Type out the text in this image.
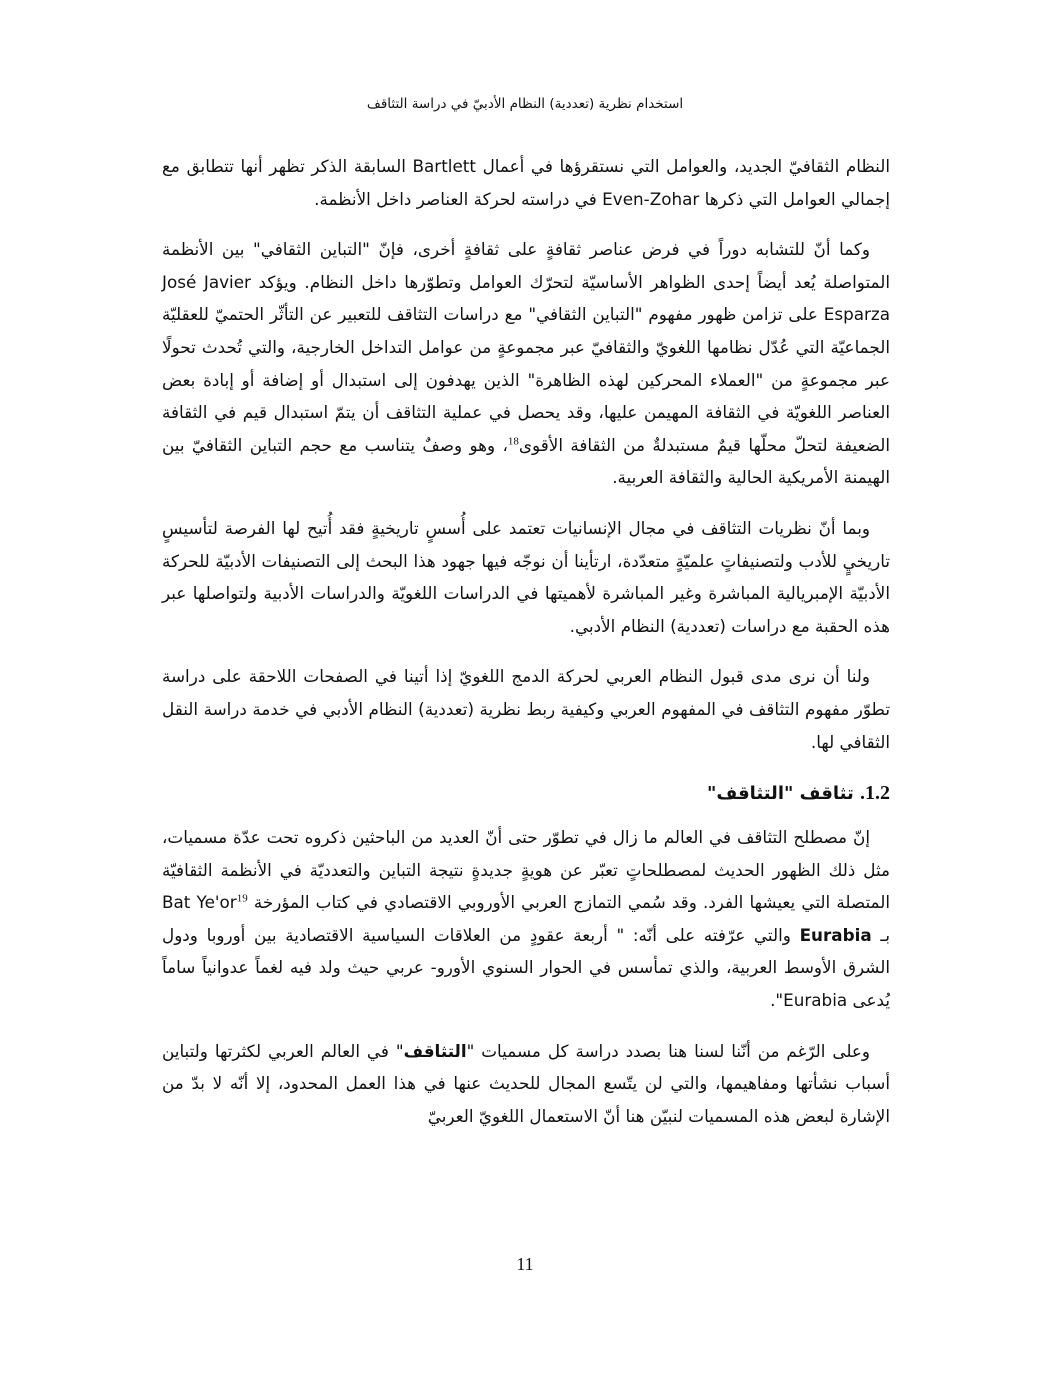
استخدام نظرية (تعددية) النظام الأدبيّ في دراسة التثاقف

النظام الثقافيّ الجديد، والعوامل التي نستقرؤها في أعمال Bartlett السابقة الذكر تظهر أنها تتطابق مع إجمالي العوامل التي ذكرها Even-Zohar في دراسته لحركة العناصر داخل الأنظمة.

وكما أنّ للتشابه دوراً في فرض عناصر ثقافةٍ على ثقافةٍ أخرى، فإنّ "التباين الثقافي" بين الأنظمة المتواصلة يُعد أيضاً إحدى الظواهر الأساسيّة لتحرّك العوامل وتطوّرها داخل النظام. ويؤكد José Javier Esparza على تزامن ظهور مفهوم "التباين الثقافي" مع دراسات التثاقف للتعبير عن التأثّر الحتميّ للعقليّة الجماعيّة التي عُدّل نظامها اللغويّ والثقافيّ عبر مجموعةٍ من عوامل التداخل الخارجية، والتي تُحدث تحولًا عبر مجموعةٍ من "العملاء المحركين لهذه الظاهرة" الذين يهدفون إلى استبدال أو إضافة أو إبادة بعض العناصر اللغويّة في الثقافة المهيمن عليها، وقد يحصل في عملية التثاقف أن يتمّ استبدال قيم في الثقافة الضعيفة لتحلّ محلّها قيمٌ مستبدلةٌ من الثقافة الأقوى$^{18}$، وهو وصفٌ يتناسب مع حجم التباين الثقافيّ بين الهيمنة الأمريكية الحالية والثقافة العربية.

وبما أنّ نظريات التثاقف في مجال الإنسانيات تعتمد على أُسسٍ تاريخيةٍ فقد أُتيح لها الفرصة لتأسيسٍ تاريخيٍ للأدب ولتصنيفاتٍ علميّةٍ متعدّدة، ارتأينا أن نوجّه فيها جهود هذا البحث إلى التصنيفات الأدبيّة للحركة الأدبيّة الإمبريالية المباشرة وغير المباشرة لأهميتها في الدراسات اللغويّة والدراسات الأدبية ولتواصلها عبر هذه الحقبة مع دراسات (تعددية) النظام الأدبي.

ولنا أن نرى مدى قبول النظام العربي لحركة الدمج اللغويّ إذا أتينا في الصفحات اللاحقة على دراسة تطوّر مفهوم التثاقف في المفهوم العربي وكيفية ربط نظرية (تعددية) النظام الأدبي في خدمة دراسة النقل الثقافي لها.

1.2. تثاقف "التثاقف"

إنّ مصطلح التثاقف في العالم ما زال في تطوّر حتى أنّ العديد من الباحثين ذكروه تحت عدّة مسميات، مثل ذلك الظهور الحديث لمصطلحاتٍ تعبّر عن هويةٍ جديدةٍ نتيجة التباين والتعدديّة في الأنظمة الثقافيّة المتصلة التي يعيشها الفرد. وقد سُمي التمازج العربي الأوروبي الاقتصادي في كتاب المؤرخة Bat $Ye'or^{19}$ بـ Eurabia والتي عرّفته على أنّه: " أربعة عقودٍ من العلاقات السياسية الاقتصادية بين أوروبا ودول الشرق الأوسط العربية، والذي تمأسس في الحوار السنوي الأورو- عربي حيث ولد فيه لغماً عدوانياً ساماً يُدعى Eurabia".

وعلى الرّغم من أنّنا لسنا هنا بصدد دراسة كل مسميات "التثاقف" في العالم العربي لكثرتها ولتباين أسباب نشأتها ومفاهيمها، والتي لن يتّسع المجال للحديث عنها في هذا العمل المحدود، إلا أنّه لا بدّ من الإشارة لبعض هذه المسميات لنبيّن هنا أنّ الاستعمال اللغويّ العربيّ

11
